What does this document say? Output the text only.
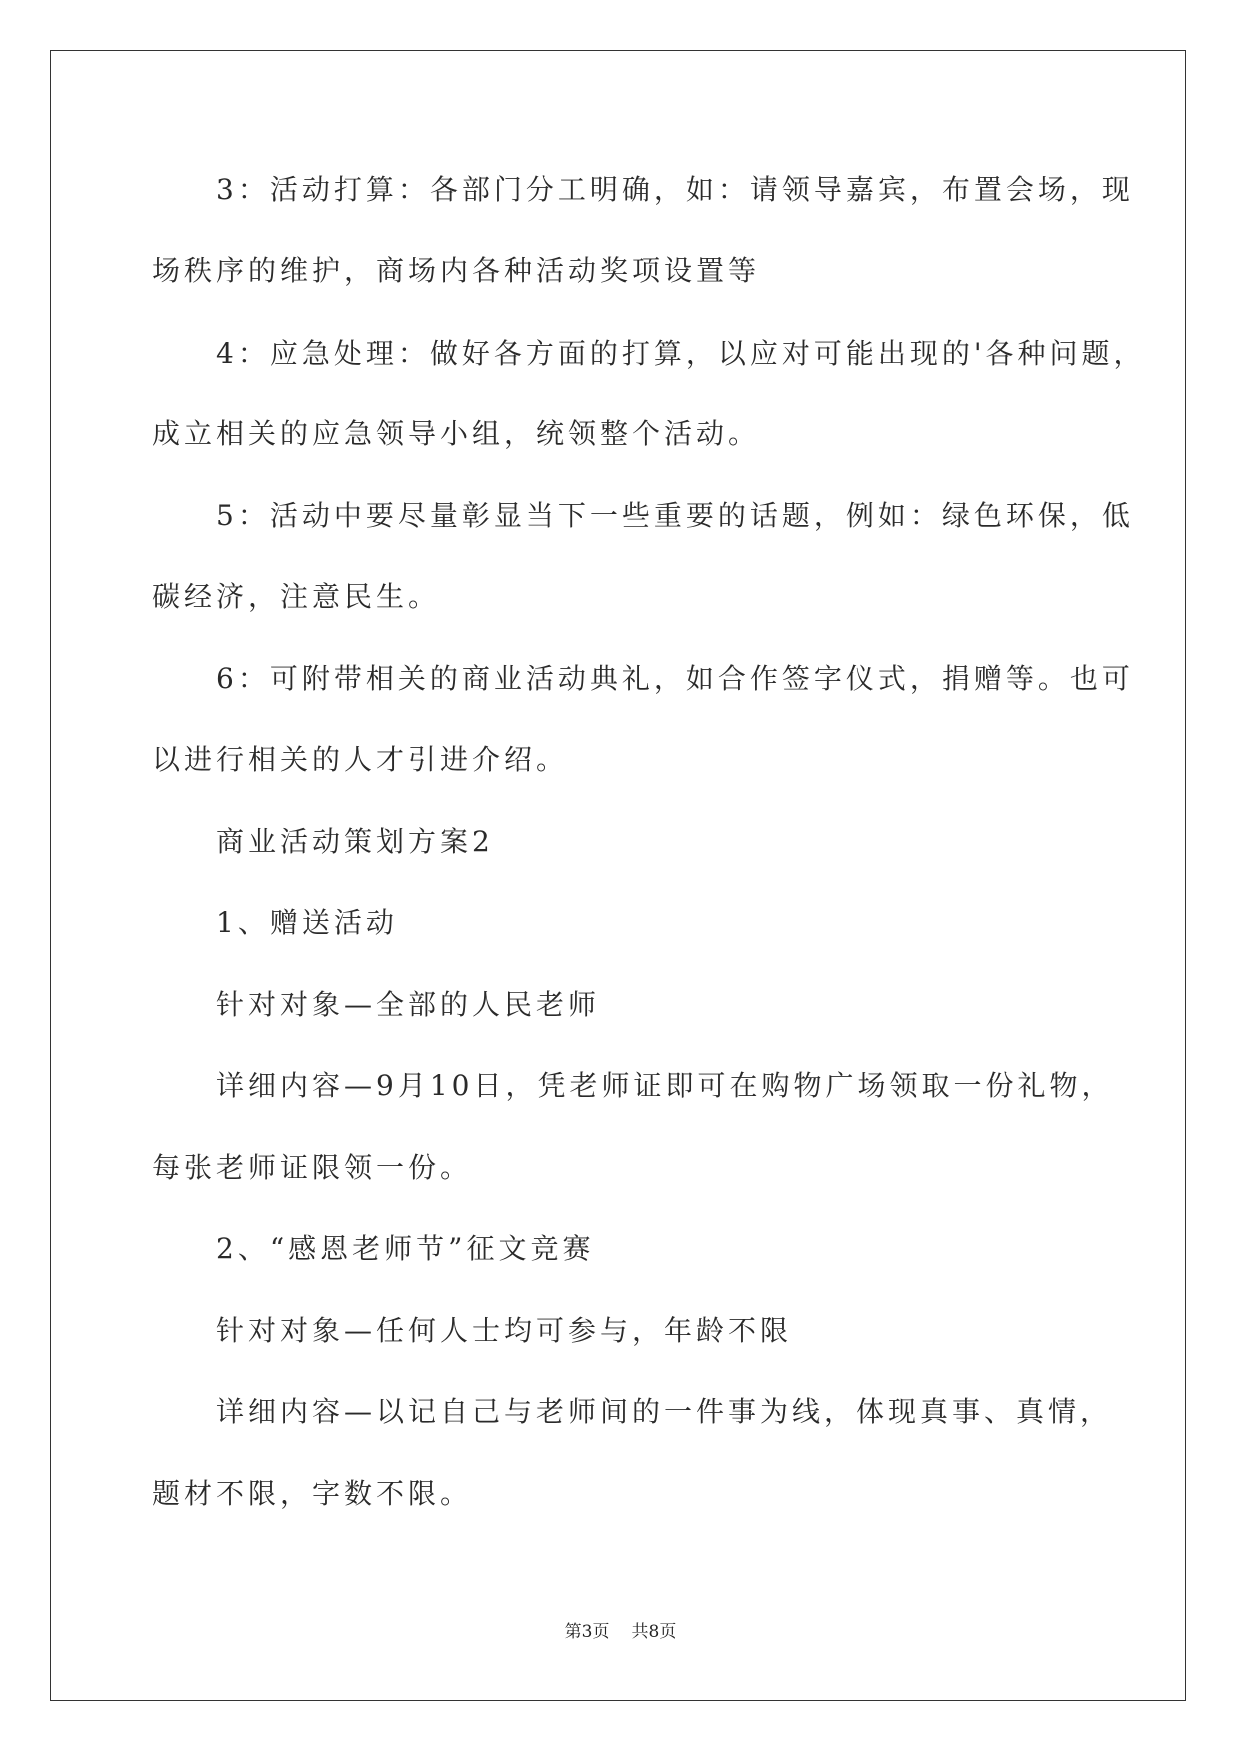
　　3：活动打算：各部门分工明确，如：请领导嘉宾，布置会场，现
场秩序的维护，商场内各种活动奖项设置等
　　4：应急处理：做好各方面的打算，以应对可能出现的'各种问题，
成立相关的应急领导小组，统领整个活动。
　　5：活动中要尽量彰显当下一些重要的话题，例如：绿色环保，低
碳经济，注意民生。
　　6：可附带相关的商业活动典礼，如合作签字仪式，捐赠等。也可
以进行相关的人才引进介绍。
　　商业活动策划方案2
　　1、赠送活动
　　针对对象—全部的人民老师
　　详细内容—9月10日，凭老师证即可在购物广场领取一份礼物，
每张老师证限领一份。
　　2、“感恩老师节”征文竞赛
　　针对对象—任何人士均可参与，年龄不限
　　详细内容—以记自己与老师间的一件事为线，体现真事、真情，
题材不限，字数不限。
第3页 共8页
